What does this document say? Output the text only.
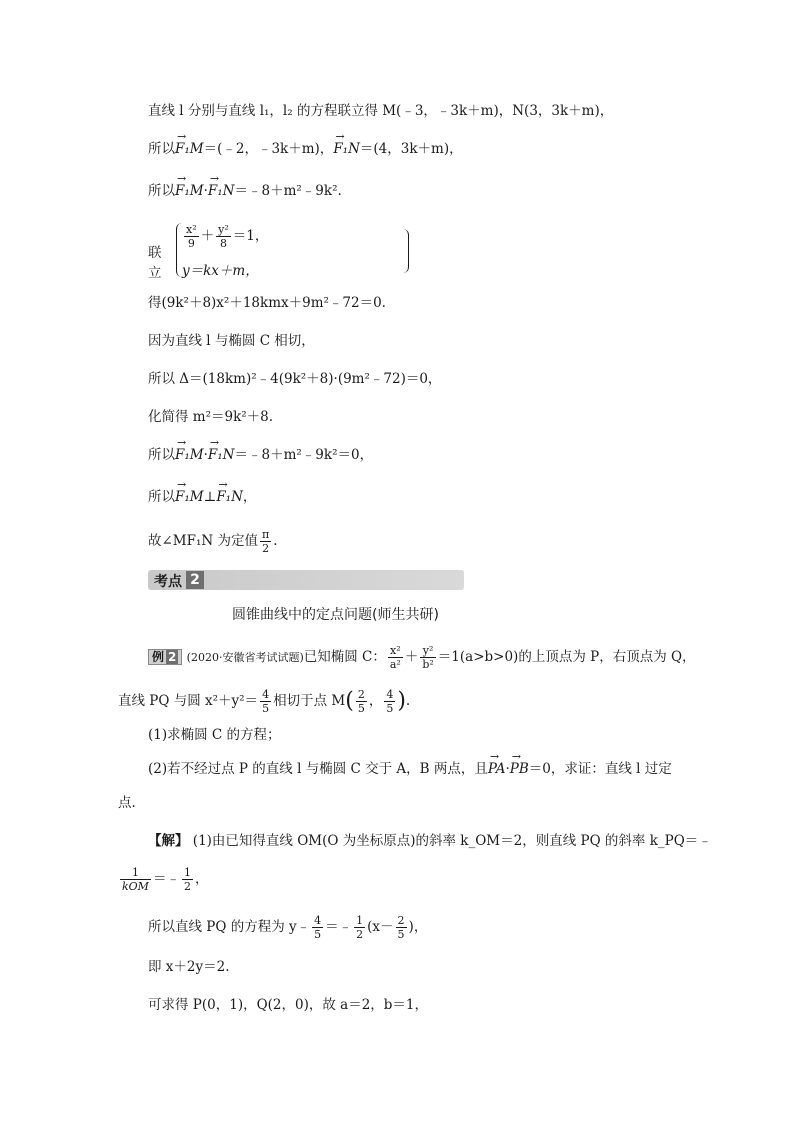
直线 l 分别与直线 l₁，l₂ 的方程联立得 M(﹣3，﹣3k＋m)，N(3，3k＋m)，
所以→ F₁M＝(﹣2，﹣3k＋m)，→ F₁N＝(4，3k＋m)，
所以→ F₁M·→ F₁N＝﹣8＋m²﹣9k².
联立
$\frac{\text{x²}}{9} + \frac{\text{y²}}{8} =1$，
y＝kx＋m，
得(9k²＋8)x²＋18kmx＋9m²﹣72＝0.
因为直线 l 与椭圆 C 相切，
所以 Δ＝(18km)²﹣4(9k²＋8)·(9m²﹣72)＝0，
化简得 m²＝9k²＋8.
所以→ F₁M·→ F₁N＝﹣8＋m²﹣9k²＝0，
所以→ F₁M⊥→ F₁N，
故∠MF₁N 为定值 $\frac{\pi}{2}$ .
考点 2
圆锥曲线中的定点问题(师生共研)
例 2 (2020·安徽省考试试题)已知椭圆 C： $\frac{\text{x²}}{\text{a²}} + \frac{\text{y²}}{\text{b²}} =1(a>b>0)$的上顶点为 P，右顶点为 Q，
直线 PQ 与圆 $x^2+y^2= \frac{4}{5}$ 相切于点 $M( \frac{2}{5}$ ， $\frac{4}{5}$ ).
(1)求椭圆 C 的方程；
(2)若不经过点 P 的直线 l 与椭圆 C 交于 A，B 两点，且→ PA·→ PB＝0，求证：直线 l 过定
点.
【解】 (1)由已知得直线 OM(O 为坐标原点)的斜率 k_OM＝2，则直线 PQ 的斜率 k_PQ＝﹣
$\frac{1}{\text{kOM}}$ ＝﹣ $\frac{1}{2}$ ，
所以直线 PQ 的方程为 y﹣ $\frac{4}{5}$ ＝﹣ $\frac{1}{2} (x- \frac{2}{5}$ )，
即 x＋2y＝2.
可求得 P(0，1)，Q(2，0)，故 a＝2，b＝1，
